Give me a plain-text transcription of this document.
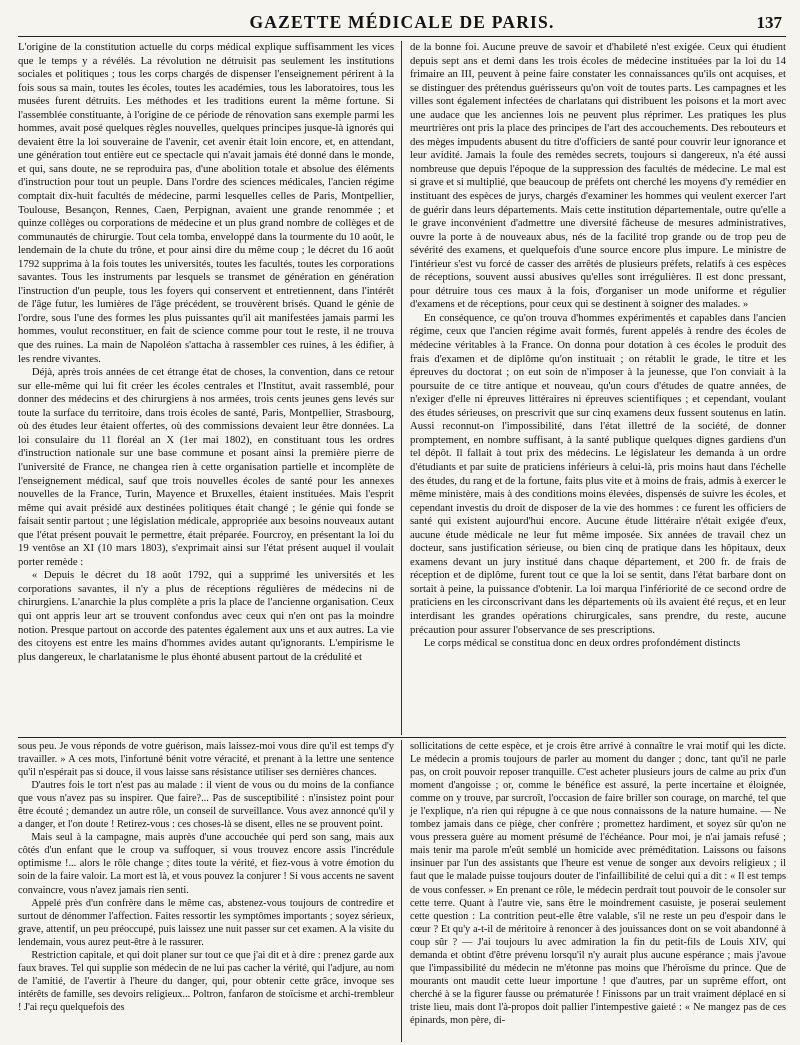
GAZETTE MÉDICALE DE PARIS.	137

L'origine de la constitution actuelle du corps médical explique suffisamment les vices que le temps y a révélés. La révolution ne détruisit pas seulement les institutions sociales et politiques ; tous les corps chargés de dispenser l'enseignement périrent à la fois sous sa main, toutes les écoles, toutes les académies, tous les laboratoires, tous les musées furent détruits. Les méthodes et les traditions eurent la même fortune. Si l'assemblée constituante, à l'origine de ce période de rénovation sans exemple parmi les hommes, avait posé quelques règles nouvelles, quelques principes jusque-là ignorés qui devaient être la loi souveraine de l'avenir, cet avenir était loin encore, et, en attendant, une génération tout entière eut ce spectacle qui n'avait jamais été donné dans le monde, et qui, sans doute, ne se reproduira pas, d'une abolition totale et absolue des éléments d'instruction pour tout un peuple. Dans l'ordre des sciences médicales, l'ancien régime comptait dix-huit facultés de médecine, parmi lesquelles celles de Paris, Montpellier, Toulouse, Besançon, Rennes, Caen, Perpignan, avaient une grande renommée ; et quinze collèges ou corporations de médecine et un plus grand nombre de collèges et de communautés de chirurgie. Tout cela tomba, enveloppé dans la tourmente du 10 août, le lendemain de la chute du trône, et pour ainsi dire du même coup ; le décret du 16 août 1792 supprima à la fois toutes les universités, toutes les facultés, toutes les corporations savantes. Tous les instruments par lesquels se transmet de génération en génération l'instruction d'un peuple, tous les foyers qui conservent et entretiennent, dans l'intérêt de l'âge futur, les lumières de l'âge précédent, se trouvèrent brisés. Quand le génie de l'ordre, sous l'une des formes les plus puissantes qu'il ait manifestées jamais parmi les hommes, voulut reconstituer, en fait de science comme pour tout le reste, il ne trouva que des ruines. La main de Napoléon s'attacha à rassembler ces ruines, à les édifier, à les rendre vivantes.

Déjà, après trois années de cet étrange état de choses, la convention, dans ce retour sur elle-même qui lui fit créer les écoles centrales et l'Institut, avait rassemblé, pour donner des médecins et des chirurgiens à nos armées, trois cents jeunes gens levés sur toute la surface du territoire, dans trois écoles de santé, Paris, Montpellier, Strasbourg, où des études leur étaient offertes, où des commissions devaient leur être données. La loi consulaire du 11 floréal an X (1er mai 1802), en constituant tous les ordres d'instruction nationale sur une base commune et posant ainsi la première pierre de l'université de France, ne changea rien à cette organisation partielle et incomplète de l'enseignement médical, sauf que trois nouvelles écoles de santé pour les annexes nouvelles de la France, Turin, Mayence et Bruxelles, étaient instituées. Mais l'esprit même qui avait présidé aux destinées politiques était changé ; le génie qui fonde se faisait sentir partout ; une législation médicale, appropriée aux besoins nouveaux autant que l'état présent pouvait le permettre, était préparée. Fourcroy, en présentant la loi du 19 ventôse an XI (10 mars 1803), s'exprimait ainsi sur l'état présent auquel il voulait porter remède :

« Depuis le décret du 18 août 1792, qui a supprimé les universités et les corporations savantes, il n'y a plus de réceptions régulières de médecins ni de chirurgiens. L'anarchie la plus complète a pris la place de l'ancienne organisation. Ceux qui ont appris leur art se trouvent confondus avec ceux qui n'en ont pas la moindre notion. Presque partout on accorde des patentes également aux uns et aux autres. La vie des citoyens est entre les mains d'hommes avides autant qu'ignorants. L'empirisme le plus dangereux, le charlatanisme le plus éhonté abusent partout de la crédulité et

de la bonne foi. Aucune preuve de savoir et d'habileté n'est exigée. Ceux qui étudient depuis sept ans et demi dans les trois écoles de médecine instituées par la loi du 14 frimaire an III, peuvent à peine faire constater les connaissances qu'ils ont acquises, et se distinguer des prétendus guérisseurs qu'on voit de toutes parts. Les campagnes et les villes sont également infectées de charlatans qui distribuent les poisons et la mort avec une audace que les anciennes lois ne peuvent plus réprimer. Les pratiques les plus meurtrières ont pris la place des principes de l'art des accouchements. Des rebouteurs et des mèges impudents abusent du titre d'officiers de santé pour couvrir leur ignorance et leur avidité. Jamais la foule des remèdes secrets, toujours si dangereux, n'a été aussi nombreuse que depuis l'époque de la suppression des facultés de médecine. Le mal est si grave et si multiplié, que beaucoup de préfets ont cherché les moyens d'y remédier en instituant des espèces de jurys, chargés d'examiner les hommes qui veulent exercer l'art de guérir dans leurs départements. Mais cette institution départementale, outre qu'elle a le grave inconvénient d'admettre une diversité fâcheuse de mesures administratives, ouvre la porte à de nouveaux abus, nés de la facilité trop grande ou de trop peu de sévérité des examens, et quelquefois d'une source encore plus impure. Le ministre de l'intérieur s'est vu forcé de casser des arrêtés de plusieurs préfets, relatifs à ces espèces de réceptions, souvent aussi abusives qu'elles sont irrégulières. Il est donc pressant, pour détruire tous ces maux à la fois, d'organiser un mode uniforme et régulier d'examens et de réceptions, pour ceux qui se destinent à soigner des malades. »

En conséquence, ce qu'on trouva d'hommes expérimentés et capables dans l'ancien régime, ceux que l'ancien régime avait formés, furent appelés à rendre des écoles de médecine véritables à la France. On donna pour dotation à ces écoles le produit des frais d'examen et de diplôme qu'on instituait ; on rétablit le grade, le titre et les épreuves du doctorat ; on eut soin de n'imposer à la jeunesse, que l'on conviait à la poursuite de ce titre antique et nouveau, qu'un cours d'études de quatre années, de n'exiger d'elle ni épreuves littéraires ni épreuves scientifiques ; et cependant, voulant des études sérieuses, on prescrivit que sur cinq examens deux fussent soutenus en latin. Aussi reconnut-on l'impossibilité, dans l'état illettré de la société, de donner promptement, en nombre suffisant, à la santé publique quelques dignes gardiens d'un tel dépôt. Il fallait à tout prix des médecins. Le législateur les demanda à un ordre d'étudiants et par suite de praticiens inférieurs à celui-là, pris moins haut dans l'échelle des études, du rang et de la fortune, faits plus vite et à moins de frais, admis à exercer le même ministère, mais à des conditions moins élevées, dispensés de suivre les écoles, et cependant investis du droit de disposer de la vie des hommes : ce furent les officiers de santé qui existent aujourd'hui encore. Aucune étude littéraire n'était exigée d'eux, aucune étude médicale ne leur fut même imposée. Six années de travail chez un docteur, sans justification sérieuse, ou bien cinq de pratique dans les hôpitaux, deux examens devant un jury institué dans chaque département, et 200 fr. de frais de réception et de diplôme, furent tout ce que la loi se sentit, dans l'état barbare dont on sortait à peine, la puissance d'obtenir. La loi marqua l'infériorité de ce second ordre de praticiens en les circonscrivant dans les départements où ils avaient été reçus, et en leur interdisant les grandes opérations chirurgicales, sans prendre, du reste, aucune précaution pour assurer l'observance de ses prescriptions.

Le corps médical se constitua donc en deux ordres profondément distincts

sous peu. Je vous réponds de votre guérison, mais laissez-moi vous dire qu'il est temps d'y travailler. » A ces mots, l'infortuné bénit votre véracité, et prenant à la lettre une sentence qu'il n'espérait pas si douce, il vous laisse sans résistance utiliser ses dernières chances.

D'autres fois le tort n'est pas au malade : il vient de vous ou du moins de la confiance que vous n'avez pas su inspirer. Que faire?... Pas de susceptibilité : n'insistez point pour être écouté ; demandez un autre rôle, un conseil de surveillance. Vous avez annoncé qu'il y a danger, et l'on doute ! Retirez-vous : ces choses-là se disent, elles ne se prouvent point.

Mais seul à la campagne, mais auprès d'une accouchée qui perd son sang, mais aux côtés d'un enfant que le croup va suffoquer, si vous trouvez encore assis l'incrédule optimisme !... alors le rôle change ; dites toute la vérité, et fiez-vous à votre émotion du soin de la faire valoir. La mort est là, et vous pouvez la conjurer ! Si vous accents ne savent convaincre, vous n'avez jamais rien senti.

Appelé près d'un confrère dans le même cas, abstenez-vous toujours de contredire et surtout de dénommer l'affection. Faites ressortir les symptômes importants ; soyez sérieux, grave, attentif, un peu préoccupé, puis laissez une nuit passer sur cet examen. A la visite du lendemain, vous aurez peut-être à le rassurer.

Restriction capitale, et qui doit planer sur tout ce que j'ai dit et à dire : prenez garde aux faux braves. Tel qui supplie son médecin de ne lui pas cacher la vérité, qui l'adjure, au nom de l'amitié, de l'avertir à l'heure du danger, qui, pour obtenir cette grâce, invoque ses intérêts de famille, ses devoirs religieux... Poltron, fanfaron de stoïcisme et archi-trembleur ! J'ai reçu quelquefois des

sollicitations de cette espèce, et je crois être arrivé à connaître le vrai motif qui les dicte. Le médecin a promis toujours de parler au moment du danger ; donc, tant qu'il ne parle pas, on croit pouvoir reposer tranquille. C'est acheter plusieurs jours de calme au prix d'un moment d'angoisse ; or, comme le bénéfice est assuré, la perte incertaine et éloignée, comme on y trouve, par surcroît, l'occasion de faire briller son courage, on marché, tel que je l'explique, n'a rien qui répugne à ce que nous connaissons de la nature humaine. — Ne tombez jamais dans ce piège, cher confrère ; promettez hardiment, et soyez sûr qu'on ne vous pressera guère au moment présumé de l'échéance. Pour moi, je n'ai jamais refusé ; mais tenir ma parole m'eût semblé un homicide avec préméditation. Laissons ou faisons insinuer par l'un des assistants que l'heure est venue de songer aux devoirs religieux ; il faut que le malade puisse toujours douter de l'infaillibilité de celui qui a dit : « Il est temps de vous confesser. » En prenant ce rôle, le médecin perdrait tout pouvoir de le consoler sur cette terre. Quant à l'autre vie, sans être le moindrement casuiste, je poserai seulement cette question : La contrition peut-elle être valable, s'il ne reste un peu d'espoir dans le cœur ? Et qu'y a-t-il de méritoire à renoncer à des jouissances dont on se voit abandonné à coup sûr ? — J'ai toujours lu avec admiration la fin du petit-fils de Louis XIV, qui demanda et obtint d'être prévenu lorsqu'il n'y aurait plus aucune espérance ; mais j'avoue que l'impassibilité du médecin ne m'étonne pas moins que l'héroïsme du prince. Que de mourants ont maudit cette lueur importune ! que d'autres, par un suprême effort, ont cherché à se la figurer fausse ou prématurée ! Finissons par un trait vraiment déplacé en si triste lieu, mais dont l'à-propos doit pallier l'intempestive gaieté : « Ne mangez pas de ces épinards, mon père, di-
